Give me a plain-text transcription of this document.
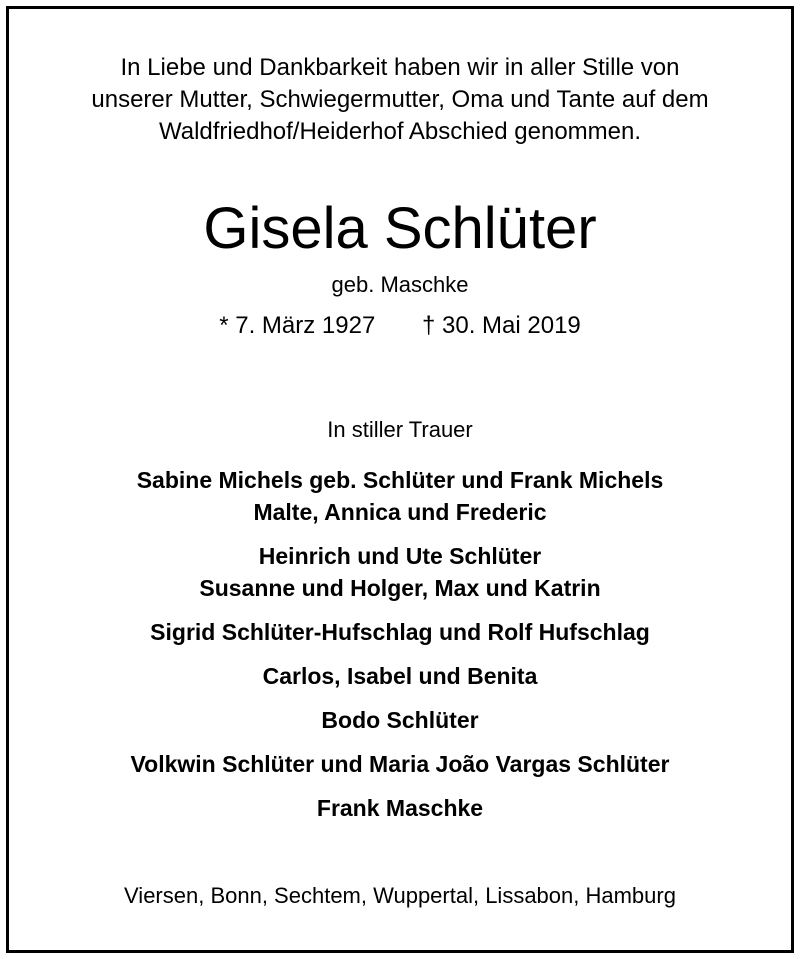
In Liebe und Dankbarkeit haben wir in aller Stille von
unserer Mutter, Schwiegermutter, Oma und Tante auf dem
Waldfriedhof/Heiderhof Abschied genommen.
Gisela Schlüter
geb. Maschke
* 7. März 1927 † 30. Mai 2019
In stiller Trauer
Sabine Michels geb. Schlüter und Frank Michels
Malte, Annica und Frederic
Heinrich und Ute Schlüter
Susanne und Holger, Max und Katrin
Sigrid Schlüter-Hufschlag und Rolf Hufschlag
Carlos, Isabel und Benita
Bodo Schlüter
Volkwin Schlüter und Maria João Vargas Schlüter
Frank Maschke
Viersen, Bonn, Sechtem, Wuppertal, Lissabon, Hamburg
